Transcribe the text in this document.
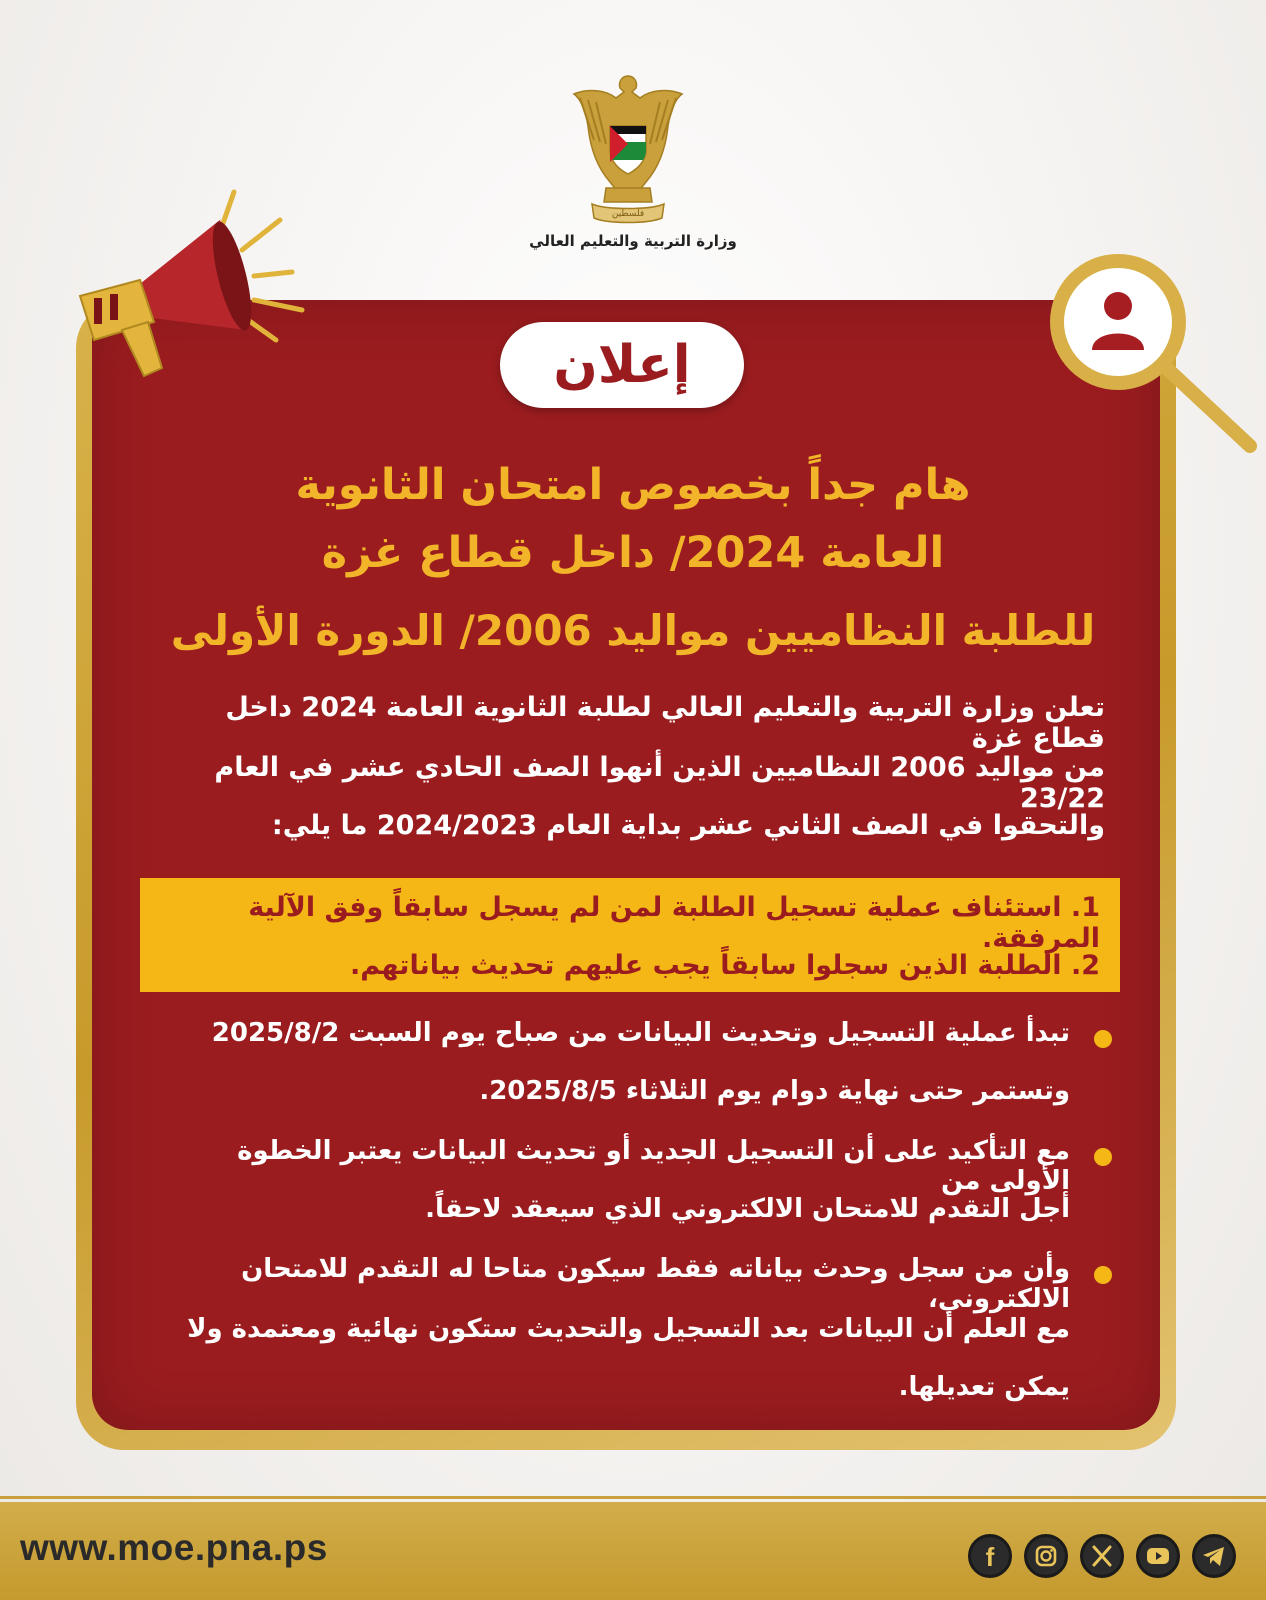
فلسطين
وزارة التربية والتعليم العالي
إعلان
هام جداً بخصوص امتحان الثانوية
العامة 2024/ داخل قطاع غزة
للطلبة النظاميين مواليد 2006/ الدورة الأولى
تعلن وزارة التربية والتعليم العالي لطلبة الثانوية العامة 2024 داخل قطاع غزة
من مواليد 2006 النظاميين الذين أنهوا الصف الحادي عشر في العام 23/22
والتحقوا في الصف الثاني عشر بداية العام 2024/2023 ما يلي:
1. استئناف عملية تسجيل الطلبة لمن لم يسجل سابقاً وفق الآلية المرفقة.
2. الطلبة الذين سجلوا سابقاً يجب عليهم تحديث بياناتهم.
تبدأ عملية التسجيل وتحديث البيانات من صباح يوم السبت 2025/8/2
وتستمر حتى نهاية دوام يوم الثلاثاء 2025/8/5.
مع التأكيد على أن التسجيل الجديد أو تحديث البيانات يعتبر الخطوة الأولى من
أجل التقدم للامتحان الالكتروني الذي سيعقد لاحقاً.
وأن من سجل وحدث بياناته فقط سيكون متاحا له التقدم للامتحان الالكتروني،
مع العلم أن البيانات بعد التسجيل والتحديث ستكون نهائية ومعتمدة ولا
يمكن تعديلها.
www.moe.pna.ps	f
